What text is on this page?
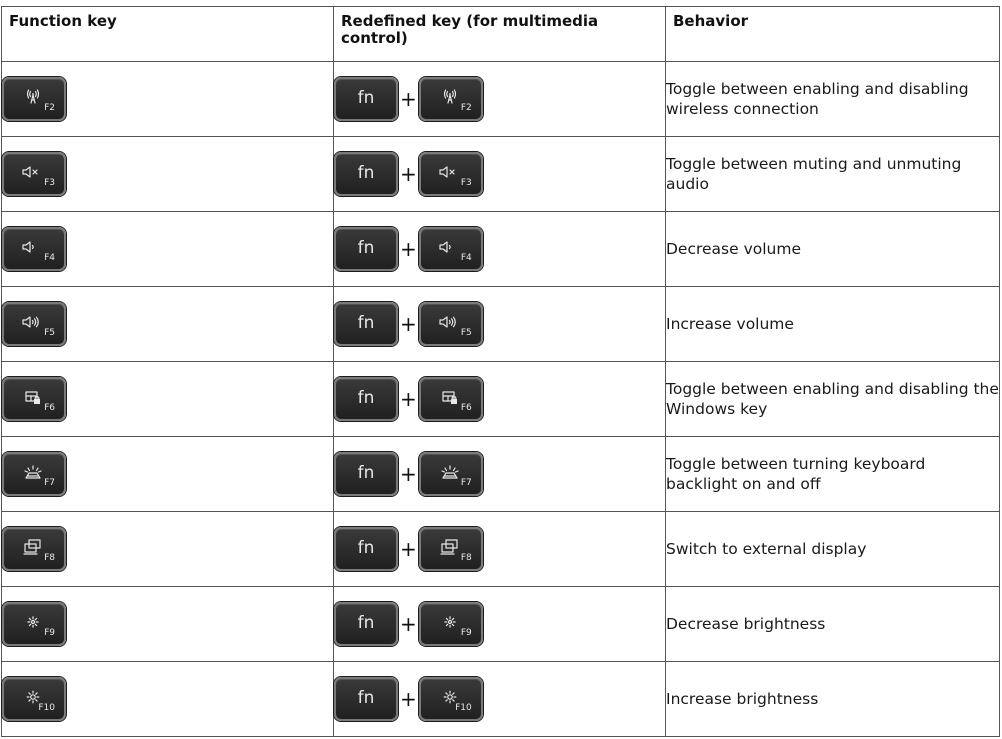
Function key	Redefined key (for multimedia control)	Behavior

F2	fn + F2	Toggle between enabling and disabling wireless connection

F3	fn + F3	Toggle between muting and unmuting audio

F4	fn + F4	Decrease volume

F5	fn + F5	Increase volume

F6	fn + F6	Toggle between enabling and disabling the Windows key

F7	fn + F7	Toggle between turning keyboard backlight on and off

F8	fn + F8	Switch to external display

F9	fn + F9	Decrease brightness

F10	fn + F10	Increase brightness
